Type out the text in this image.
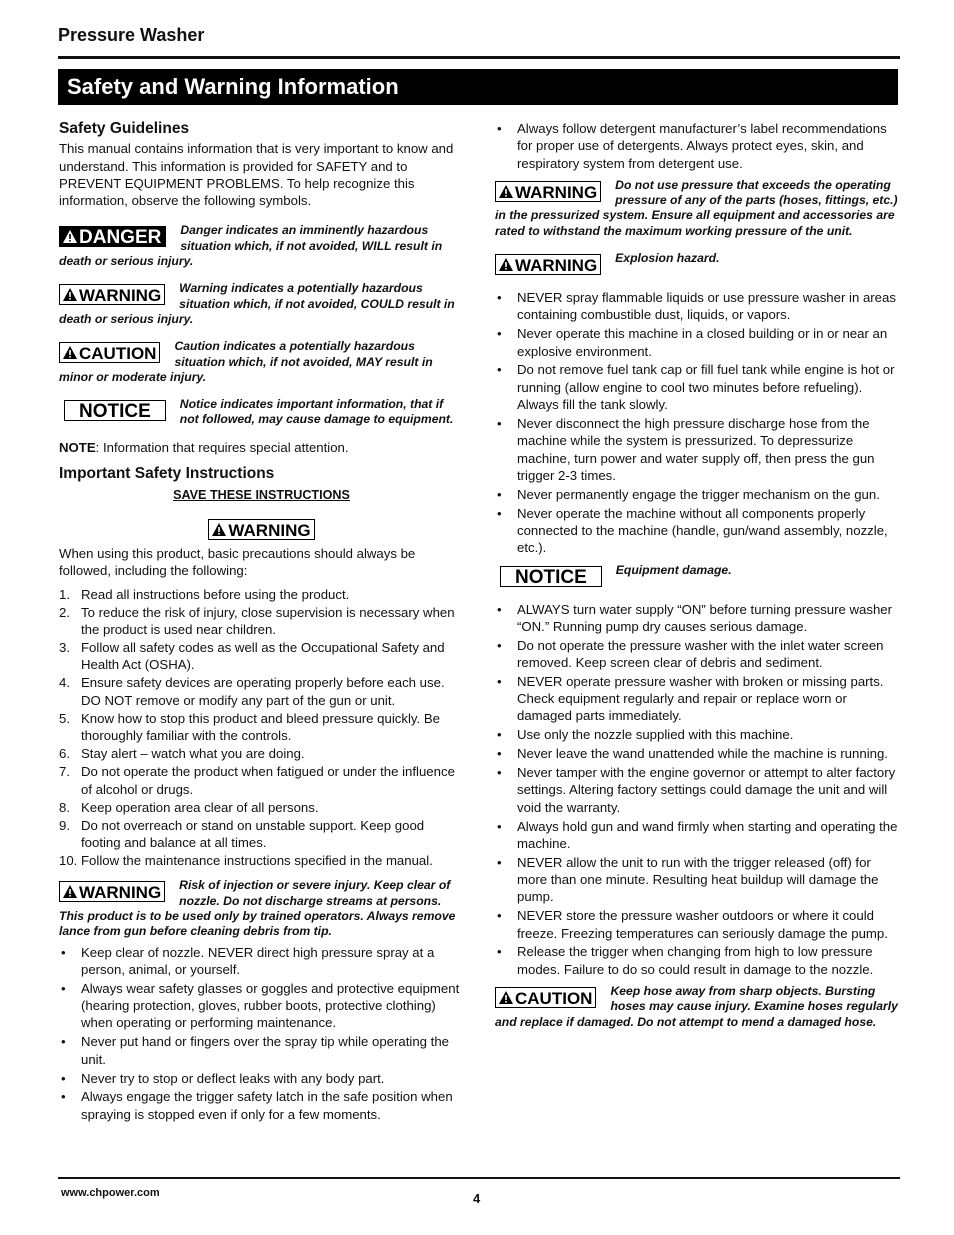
Pressure Washer
Safety and Warning Information
Safety Guidelines

This manual contains information that is very important to know and understand. This information is provided for SAFETY and to PREVENT EQUIPMENT PROBLEMS. To help recognize this information, observe the following symbols.

DANGER	Danger indicates an imminently hazardous situation which, if not avoided, WILL result in death or serious injury.
WARNING	Warning indicates a potentially hazardous situation which, if not avoided, COULD result in death or serious injury.
CAUTION	Caution indicates a potentially hazardous situation which, if not avoided, MAY result in minor or moderate injury.
NOTICE	Notice indicates important information, that if not followed, may cause damage to equipment.

NOTE: Information that requires special attention.

Important Safety Instructions
SAVE THESE INSTRUCTIONS
WARNING

When using this product, basic precautions should always be followed, including the following:

1. Read all instructions before using the product.
2. To reduce the risk of injury, close supervision is necessary when the product is used near children.
3. Follow all safety codes as well as the Occupational Safety and Health Act (OSHA).
4. Ensure safety devices are operating properly before each use. DO NOT remove or modify any part of the gun or unit.
5. Know how to stop this product and bleed pressure quickly. Be thoroughly familiar with the controls.
6. Stay alert – watch what you are doing.
7. Do not operate the product when fatigued or under the influence of alcohol or drugs.
8. Keep operation area clear of all persons.
9. Do not overreach or stand on unstable support. Keep good footing and balance at all times.
10. Follow the maintenance instructions specified in the manual.
WARNING	Risk of injection or severe injury. Keep clear of nozzle. Do not discharge streams at persons. This product is to be used only by trained operators. Always remove lance from gun before cleaning debris from tip.
• Keep clear of nozzle. NEVER direct high pressure spray at a person, animal, or yourself.
• Always wear safety glasses or goggles and protective equipment (hearing protection, gloves, rubber boots, protective clothing) when operating or performing maintenance.
• Never put hand or fingers over the spray tip while operating the unit.
• Never try to stop or deflect leaks with any body part.
• Always engage the trigger safety latch in the safe position when spraying is stopped even if only for a few moments.
• Always follow detergent manufacturer’s label recommendations for proper use of detergents. Always protect eyes, skin, and respiratory system from detergent use.
WARNING	Do not use pressure that exceeds the operating pressure of any of the parts (hoses, fittings, etc.) in the pressurized system. Ensure all equipment and accessories are rated to withstand the maximum working pressure of the unit.
WARNING	Explosion hazard.
• NEVER spray flammable liquids or use pressure washer in areas containing combustible dust, liquids, or vapors.
• Never operate this machine in a closed building or in or near an explosive environment.
• Do not remove fuel tank cap or fill fuel tank while engine is hot or running (allow engine to cool two minutes before refueling). Always fill the tank slowly.
• Never disconnect the high pressure discharge hose from the machine while the system is pressurized. To depressurize machine, turn power and water supply off, then press the gun trigger 2-3 times.
• Never permanently engage the trigger mechanism on the gun.
• Never operate the machine without all components properly connected to the machine (handle, gun/wand assembly, nozzle, etc.).
NOTICE	Equipment damage.
• ALWAYS turn water supply “ON” before turning pressure washer “ON.” Running pump dry causes serious damage.
• Do not operate the pressure washer with the inlet water screen removed. Keep screen clear of debris and sediment.
• NEVER operate pressure washer with broken or missing parts. Check equipment regularly and repair or replace worn or damaged parts immediately.
• Use only the nozzle supplied with this machine.
• Never leave the wand unattended while the machine is running.
• Never tamper with the engine governor or attempt to alter factory settings. Altering factory settings could damage the unit and will void the warranty.
• Always hold gun and wand firmly when starting and operating the machine.
• NEVER allow the unit to run with the trigger released (off) for more than one minute. Resulting heat buildup will damage the pump.
• NEVER store the pressure washer outdoors or where it could freeze. Freezing temperatures can seriously damage the pump.
• Release the trigger when changing from high to low pressure modes. Failure to do so could result in damage to the nozzle.
CAUTION	Keep hose away from sharp objects. Bursting hoses may cause injury. Examine hoses regularly and replace if damaged. Do not attempt to mend a damaged hose.
www.chpower.com	4
